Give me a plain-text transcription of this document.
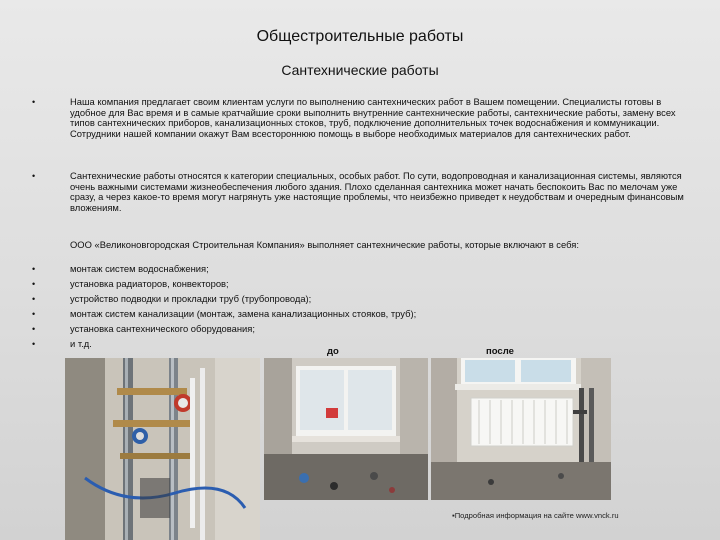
Общестроительные работы
Сантехнические работы
•	Наша компания предлагает своим клиентам услуги по выполнению сантехнических работ в Вашем помещении. Специалисты готовы в удобное для Вас время и в самые кратчайшие сроки выполнить внутренние сантехнические работы, сантехнические работы, замену всех типов сантехнических приборов, канализационных стоков, труб, подключение дополнительных точек водоснабжения и коммуникации. Сотрудники нашей компании окажут Вам всестороннюю помощь в выборе необходимых материалов для сантехнических работ.
•	Сантехнические работы относятся к категории специальных, особых работ. По сути, водопроводная и канализационная системы, являются очень важными системами жизнеобеспечения любого здания. Плохо сделанная сантехника может начать беспокоить Вас по мелочам уже сразу, а через какое-то время могут нагрянуть уже настоящие проблемы, что неизбежно приведет к неудобствам и очередным финансовым вложениям.
ООО «Великоновгородская Строительная Компания» выполняет сантехнические работы, которые включают в себя:
•	монтаж систем водоснабжения;
•	установка радиаторов, конвекторов;
•	устройство подводки и прокладки труб (трубопровода);
•	монтаж систем канализации (монтаж, замена канализационных стояков, труб);
•	установка сантехнического оборудования;
•	и т.д.
до	после
▪Подробная информация на сайте www.vnck.ru
